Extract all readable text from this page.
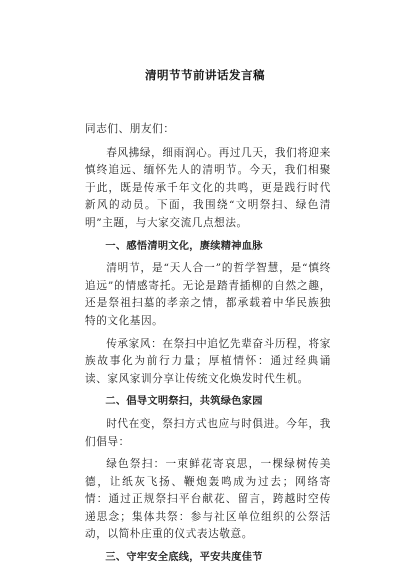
清明节节前讲话发言稿

同志们、朋友们：

春风拂绿，细雨润心。再过几天，我们将迎来慎终追远、缅怀先人的清明节。今天，我们相聚于此，既是传承千年文化的共鸣，更是践行时代新风的动员。下面，我围绕“文明祭扫、绿色清明”主题，与大家交流几点想法。

一、感悟清明文化，赓续精神血脉

清明节，是“天人合一”的哲学智慧，是“慎终追远”的情感寄托。无论是踏青插柳的自然之趣，还是祭祖扫墓的孝亲之情，都承载着中华民族独特的文化基因。

传承家风：在祭扫中追忆先辈奋斗历程，将家族故事化为前行力量；厚植情怀：通过经典诵读、家风家训分享让传统文化焕发时代生机。

二、倡导文明祭扫，共筑绿色家园

时代在变，祭扫方式也应与时俱进。今年，我们倡导：

绿色祭扫：一束鲜花寄哀思，一棵绿树传美德，让纸灰飞扬、鞭炮轰鸣成为过去；网络寄情：通过正规祭扫平台献花、留言，跨越时空传递思念；集体共祭：参与社区单位组织的公祭活动，以简朴庄重的仪式表达敬意。

三、守牢安全底线，平安共度佳节
